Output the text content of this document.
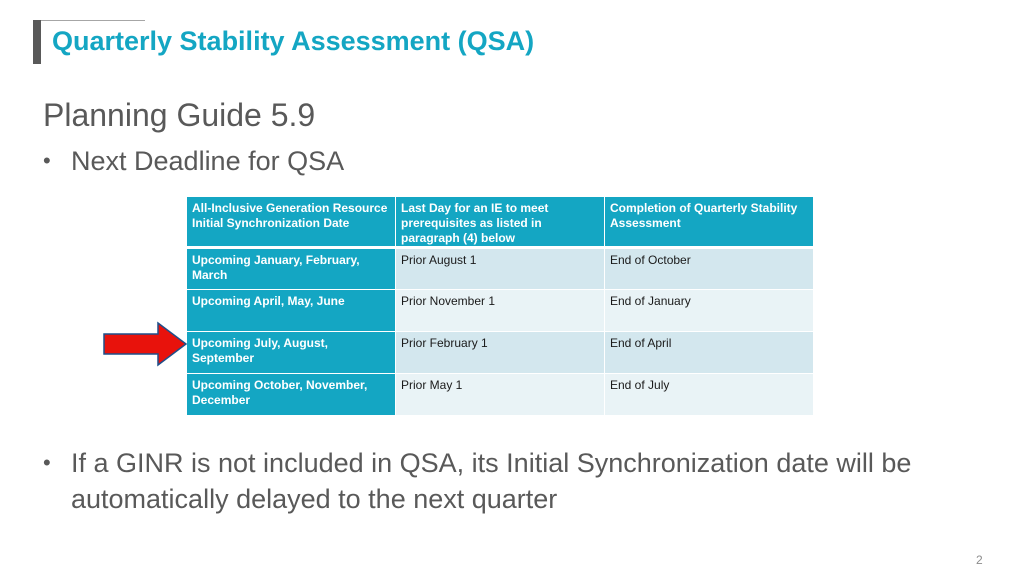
Quarterly Stability Assessment (QSA)
Planning Guide 5.9
• Next Deadline for QSA
All-Inclusive Generation Resource Initial Synchronization Date	Last Day for an IE to meet prerequisites as listed in paragraph (4) below	Completion of Quarterly Stability Assessment
Upcoming January, February, March	Prior August 1	End of October
Upcoming April, May, June	Prior November 1	End of January
Upcoming July, August, September	Prior February 1	End of April
Upcoming October, November, December	Prior May 1	End of July
• If a GINR is not included in QSA, its Initial Synchronization date will be automatically delayed to the next quarter
2
